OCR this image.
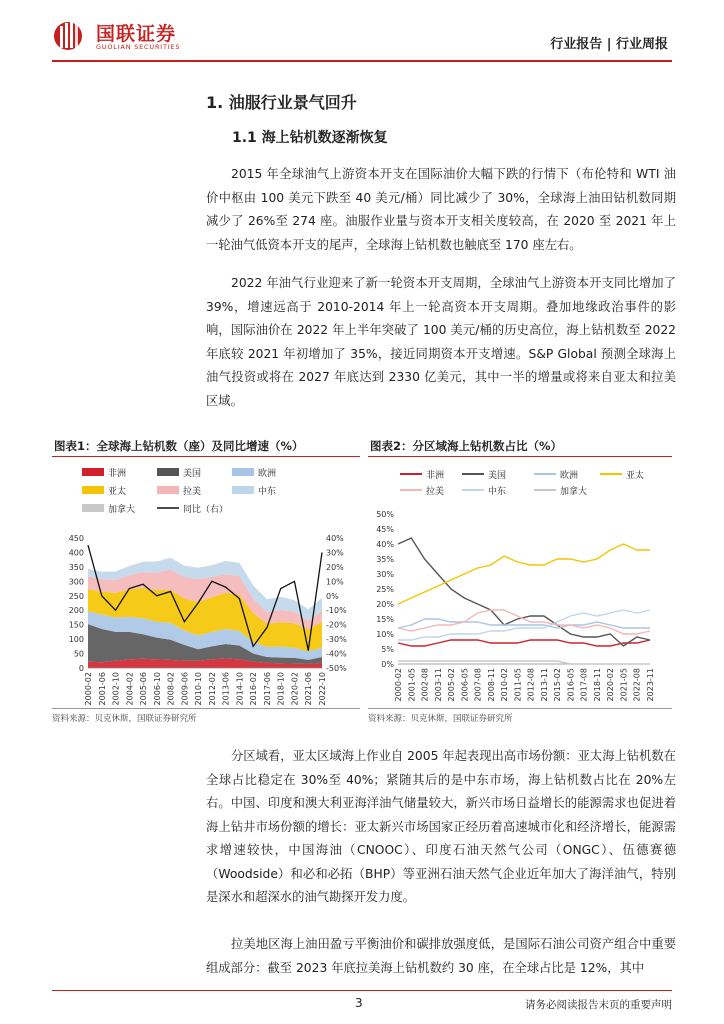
国联证券
GUOLIAN SECURITIES	行业报告 | 行业周报
1. 油服行业景气回升
1.1 海上钻机数逐渐恢复
2015 年全球油气上游资本开支在国际油价大幅下跌的行情下（布伦特和 WTI 油价中枢由 100 美元下跌至 40 美元/桶）同比减少了 30%，全球海上油田钻机数同期减少了 26%至 274 座。油服作业量与资本开支相关度较高，在 2020 至 2021 年上一轮油气低资本开支的尾声，全球海上钻机数也触底至 170 座左右。
2022 年油气行业迎来了新一轮资本开支周期，全球油气上游资本开支同比增加了 39%，增速远高于 2010-2014 年上一轮高资本开支周期。叠加地缘政治事件的影响，国际油价在 2022 年上半年突破了 100 美元/桶的历史高位，海上钻机数至 2022 年底较 2021 年初增加了 35%，接近同期资本开支增速。S&P Global 预测全球海上油气投资或将在 2027 年底达到 2330 亿美元，其中一半的增量或将来自亚太和拉美区域。
图表1：全球海上钻机数（座）及同比增速（%）
非洲	美国	欧洲
亚太	拉美	中东
加拿大	同比（右）
0
50
100
150
200
250
300
350
400
450
-50%
-40%
-30%
-20%
-10%
0%
10%
20%
30%
40%
2000-02 2001-06 2002-10 2004-02 2005-06 2006-10 2008-02 2009-06 2010-10 2012-02 2013-06 2014-10 2016-02 2017-06 2018-10 2020-02 2021-06 2022-10
资料来源：贝克休斯，国联证券研究所
图表2：分区域海上钻机数占比（%）
非洲	美国	欧洲	亚太
拉美	中东	加拿大
0%
5%
10%
15%
20%
25%
30%
35%
40%
45%
50%
2000-02 2001-05 2002-08 2003-11 2005-02 2006-05 2007-08 2008-11 2010-02 2011-05 2012-08 2013-11 2015-02 2016-05 2017-08 2018-11 2020-02 2021-05 2022-08 2023-11
资料来源：贝克休斯，国联证券研究所
分区域看，亚太区域海上作业自 2005 年起表现出高市场份额：亚太海上钻机数在全球占比稳定在 30%至 40%；紧随其后的是中东市场，海上钻机数占比在 20%左右。中国、印度和澳大利亚海洋油气储量较大，新兴市场日益增长的能源需求也促进着海上钻井市场份额的增长：亚太新兴市场国家正经历着高速城市化和经济增长，能源需求增速较快，中国海油（CNOOC）、印度石油天然气公司（ONGC）、伍德赛德（Woodside）和必和必拓（BHP）等亚洲石油天然气企业近年加大了海洋油气，特别是深水和超深水的油气勘探开发力度。
拉美地区海上油田盈亏平衡油价和碳排放强度低，是国际石油公司资产组合中重要组成部分：截至 2023 年底拉美海上钻机数约 30 座，在全球占比是 12%，其中
3	请务必阅读报告末页的重要声明
